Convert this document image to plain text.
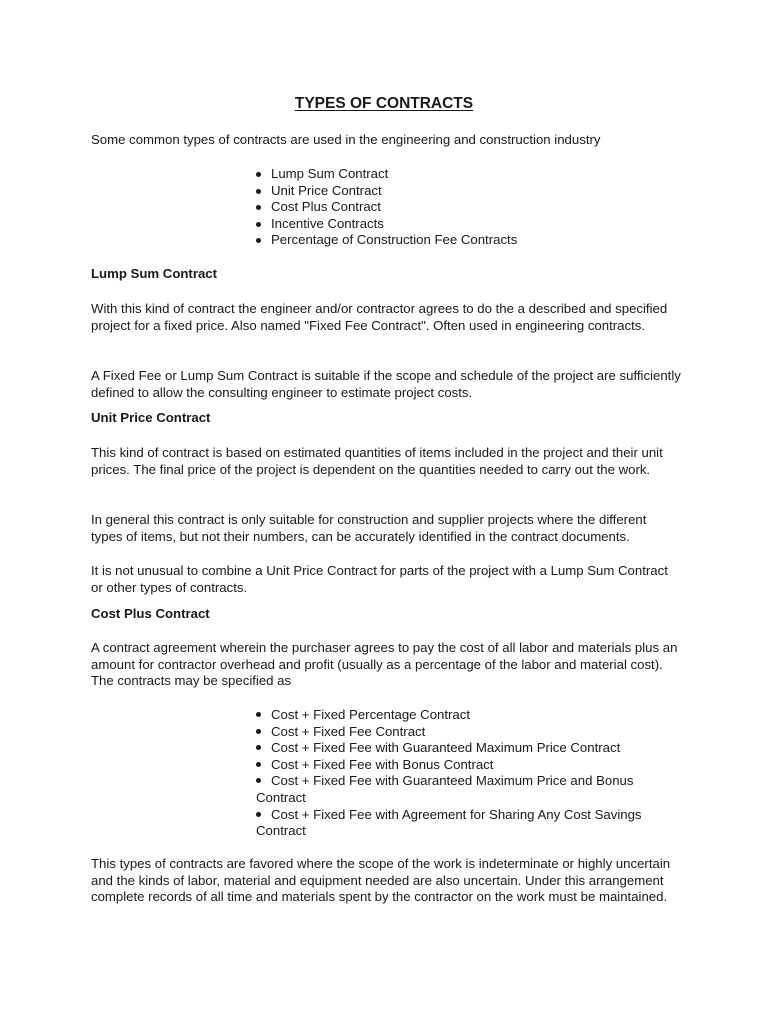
TYPES OF CONTRACTS

Some common types of contracts are used in the engineering and construction industry

Lump Sum Contract
Unit Price Contract
Cost Plus Contract
Incentive Contracts
Percentage of Construction Fee Contracts
Lump Sum Contract

With this kind of contract the engineer and/or contractor agrees to do the a described and specified project for a fixed price. Also named "Fixed Fee Contract". Often used in engineering contracts.

A Fixed Fee or Lump Sum Contract is suitable if the scope and schedule of the project are sufficiently defined to allow the consulting engineer to estimate project costs.

Unit Price Contract

This kind of contract is based on estimated quantities of items included in the project and their unit prices. The final price of the project is dependent on the quantities needed to carry out the work.

In general this contract is only suitable for construction and supplier projects where the different types of items, but not their numbers, can be accurately identified in the contract documents.

It is not unusual to combine a Unit Price Contract for parts of the project with a Lump Sum Contract or other types of contracts.

Cost Plus Contract

A contract agreement wherein the purchaser agrees to pay the cost of all labor and materials plus an amount for contractor overhead and profit (usually as a percentage of the labor and material cost). The contracts may be specified as

Cost + Fixed Percentage Contract
Cost + Fixed Fee Contract
Cost + Fixed Fee with Guaranteed Maximum Price Contract
Cost + Fixed Fee with Bonus Contract
Cost + Fixed Fee with Guaranteed Maximum Price and Bonus Contract
Cost + Fixed Fee with Agreement for Sharing Any Cost Savings Contract

This types of contracts are favored where the scope of the work is indeterminate or highly uncertain and the kinds of labor, material and equipment needed are also uncertain. Under this arrangement complete records of all time and materials spent by the contractor on the work must be maintained.
